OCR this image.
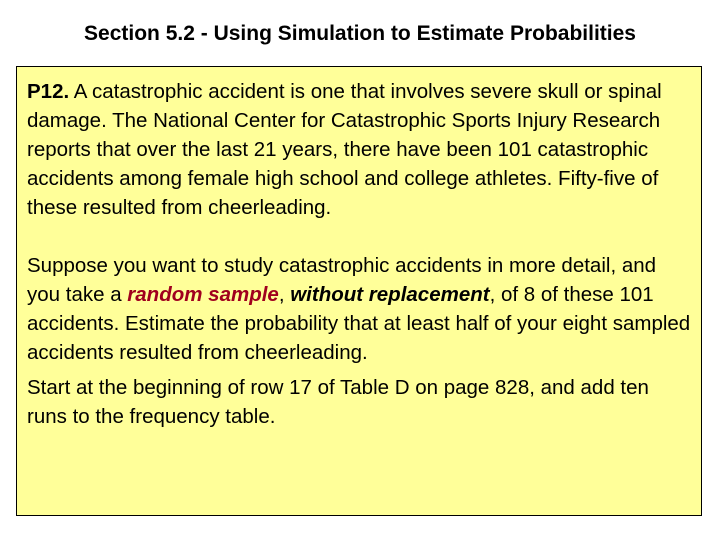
Section 5.2 - Using Simulation to Estimate Probabilities

P12. A catastrophic accident is one that involves severe skull or spinal damage. The National Center for Catastrophic Sports Injury Research reports that over the last 21 years, there have been 101 catastrophic accidents among female high school and college athletes. Fifty-five of these resulted from cheerleading.

Suppose you want to study catastrophic accidents in more detail, and you take a random sample, without replacement, of 8 of these 101 accidents. Estimate the probability that at least half of your eight sampled accidents resulted from cheerleading.

Start at the beginning of row 17 of Table D on page 828, and add ten runs to the frequency table.
